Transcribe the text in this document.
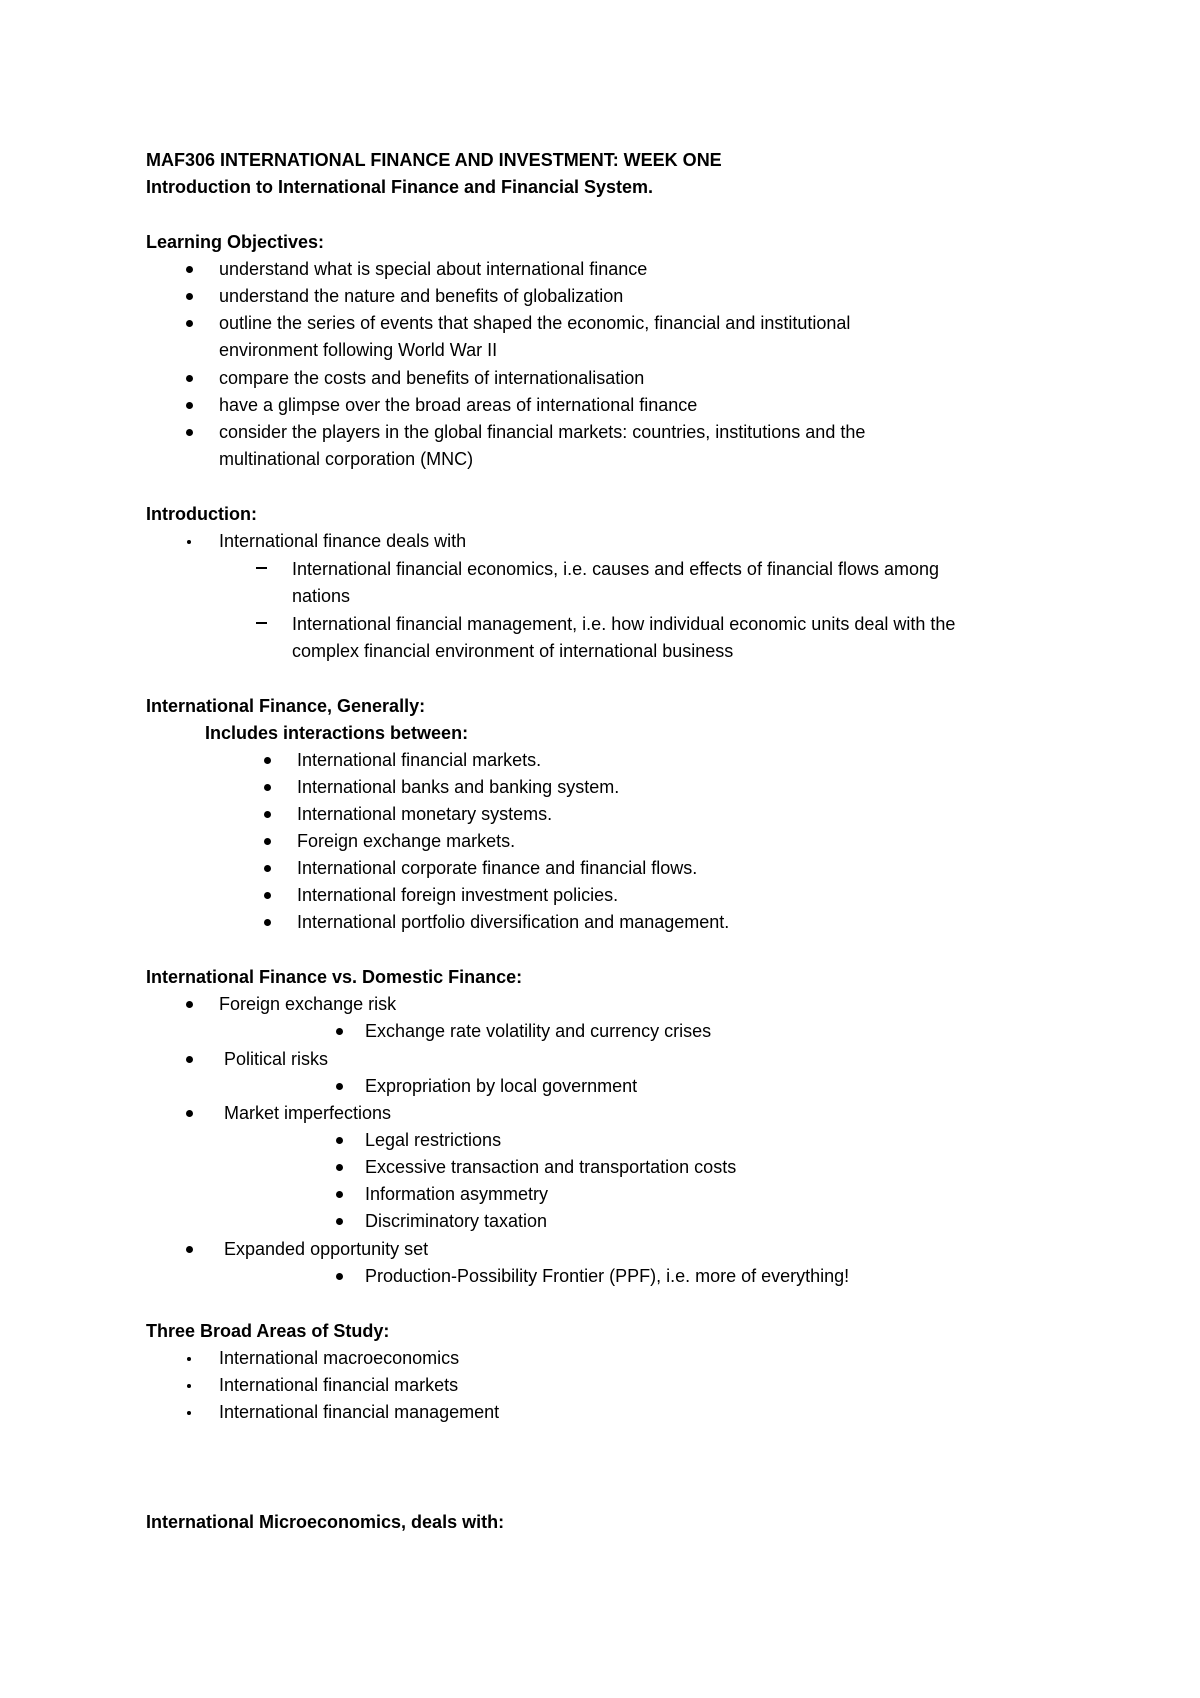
MAF306 INTERNATIONAL FINANCE AND INVESTMENT: WEEK ONE
Introduction to International Finance and Financial System.
Learning Objectives:
understand what is special about international finance
understand the nature and benefits of globalization
outline the series of events that shaped the economic, financial and institutional
environment following World War II
compare the costs and benefits of internationalisation
have a glimpse over the broad areas of international finance
consider the players in the global financial markets: countries, institutions and the
multinational corporation (MNC)
Introduction:
International finance deals with
International financial economics, i.e. causes and effects of financial flows among
nations
International financial management, i.e. how individual economic units deal with the
complex financial environment of international business
International Finance, Generally:
Includes interactions between:
International financial markets.
International banks and banking system.
International monetary systems.
Foreign exchange markets.
International corporate finance and financial flows.
International foreign investment policies.
International portfolio diversification and management.
International Finance vs. Domestic Finance:
Foreign exchange risk
Exchange rate volatility and currency crises
Political risks
Expropriation by local government
Market imperfections
Legal restrictions
Excessive transaction and transportation costs
Information asymmetry
Discriminatory taxation
Expanded opportunity set
Production-Possibility Frontier (PPF), i.e. more of everything!
Three Broad Areas of Study:
International macroeconomics
International financial markets
International financial management
International Microeconomics, deals with:
